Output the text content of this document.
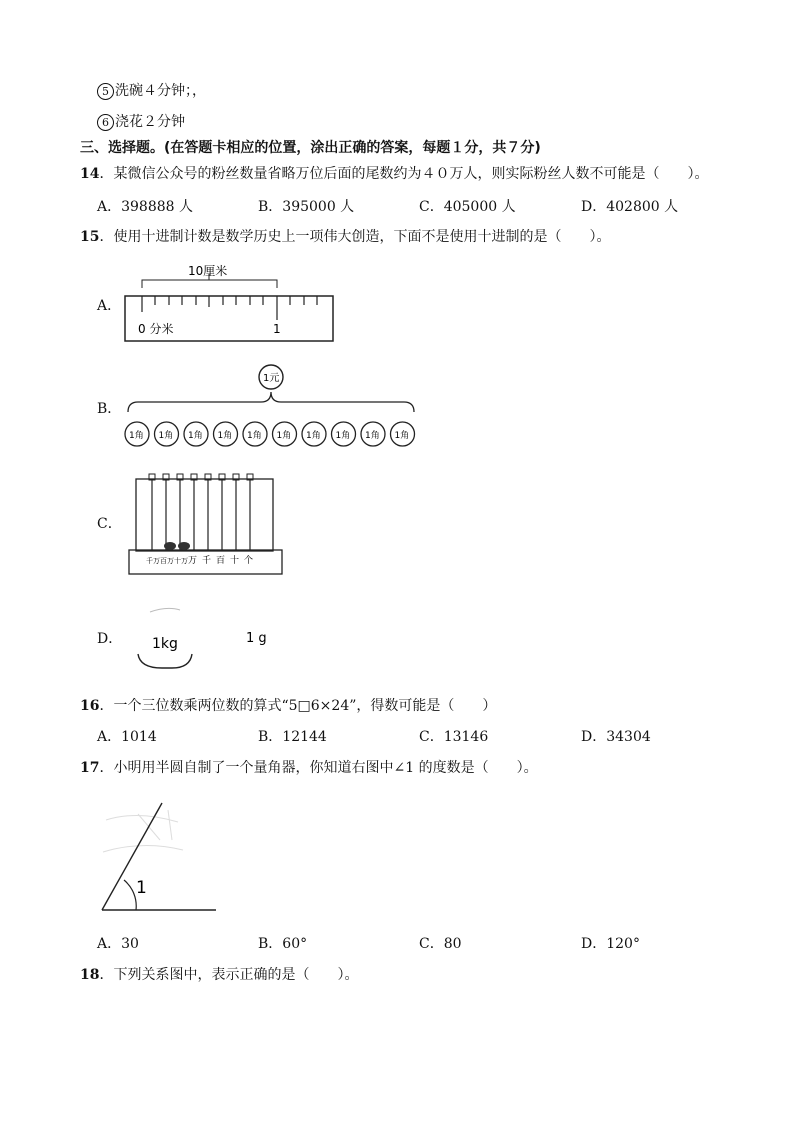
5 洗碗４分钟；，
6 浇花２分钟
三、选择题。(在答题卡相应的位置，涂出正确的答案，每题１分，共７分)
14．某微信公众号的粉丝数量省略万位后面的尾数约为４０万人，则实际粉丝人数不可能是（　　）。
A．398888 人	B．395000 人	C．405000 人	D．402800 人
15．使用十进制计数是数学历史上一项伟大创造，下面不是使用十进制的是（　　）。
A．
10厘米
0 分米	1
B．
1元
1角 1角 1角 1角 1角 1角 1角 1角 1角 1角
C．
千万 百万 十万 万 千 百 十 个
D． 1kg	1 g
16．一个三位数乘两位数的算式“5□6×24”，得数可能是（　　）
A．1014	B．12144	C．13146	D．34304
17．小明用半圆自制了一个量角器，你知道右图中∠1 的度数是（　　）。
1
A．30	B．60°	C．80	D．120°
18．下列关系图中，表示正确的是（　　）。
